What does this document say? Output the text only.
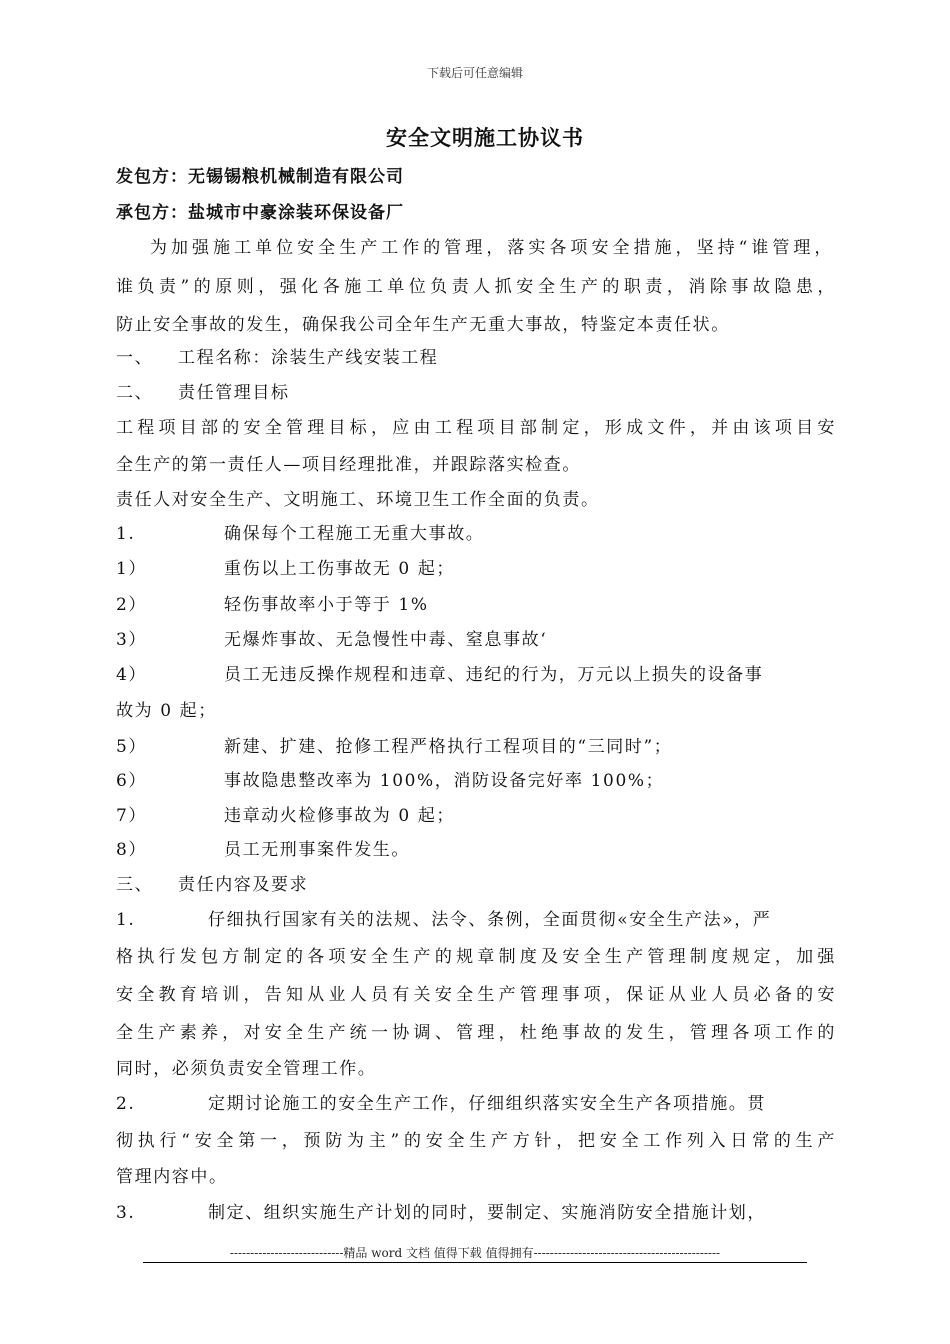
下载后可任意编辑
安全文明施工协议书
发包方：无锡锡粮机械制造有限公司
承包方：盐城市中豪涂装环保设备厂
为加强施工单位安全生产工作的管理，落实各项安全措施，坚持“谁管理，
谁负责”的原则，强化各施工单位负责人抓安全生产的职责，消除事故隐患，
防止安全事故的发生，确保我公司全年生产无重大事故，特鉴定本责任状。
一、 工程名称：涂装生产线安装工程
二、 责任管理目标
工程项目部的安全管理目标，应由工程项目部制定，形成文件，并由该项目安
全生产的第一责任人—项目经理批准，并跟踪落实检查。
责任人对安全生产、文明施工、环境卫生工作全面的负责。
1.	确保每个工程施工无重大事故。
1）	重伤以上工伤事故无 0 起；
2）	轻伤事故率小于等于 1%
3）	无爆炸事故、无急慢性中毒、窒息事故‘
4）	员工无违反操作规程和违章、违纪的行为，万元以上损失的设备事
故为 0 起；
5）	新建、扩建、抢修工程严格执行工程项目的“三同时”；
6）	事故隐患整改率为 100%，消防设备完好率 100%；
7）	违章动火检修事故为 0 起；
8）	员工无刑事案件发生。
三、 责任内容及要求
1.	仔细执行国家有关的法规、法令、条例，全面贯彻«安全生产法»，严
格执行发包方制定的各项安全生产的规章制度及安全生产管理制度规定，加强
安全教育培训，告知从业人员有关安全生产管理事项，保证从业人员必备的安
全生产素养，对安全生产统一协调、管理，杜绝事故的发生，管理各项工作的
同时，必须负责安全管理工作。
2.	定期讨论施工的安全生产工作，仔细组织落实安全生产各项措施。贯
彻执行“安全第一，预防为主”的安全生产方针，把安全工作列入日常的生产
管理内容中。
3.	制定、组织实施生产计划的同时，要制定、实施消防安全措施计划，
----------------------------精品 word 文档 值得下载 值得拥有----------------------------------------------
